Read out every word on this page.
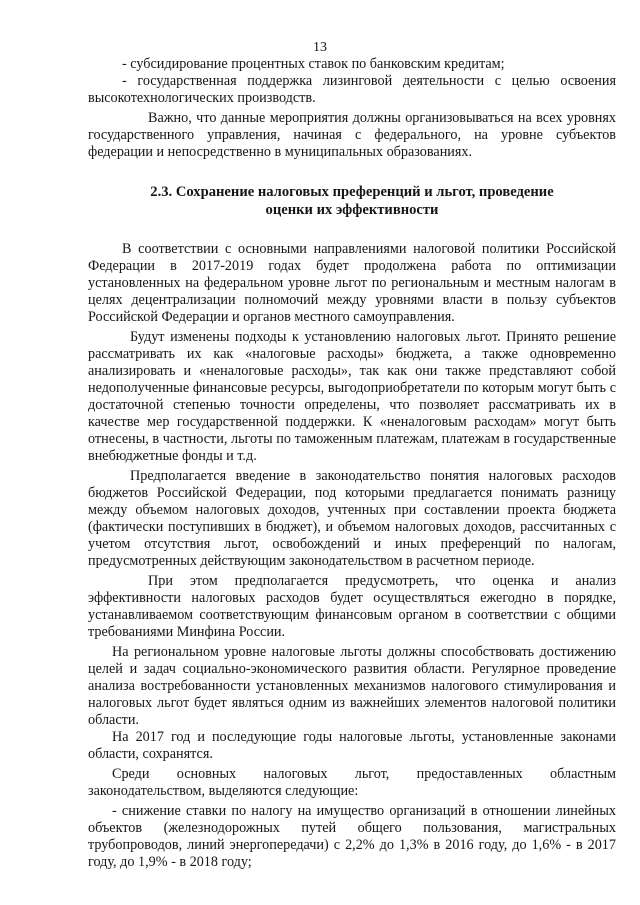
13

- субсидирование процентных ставок по банковским кредитам;

- государственная поддержка лизинговой деятельности с целью освоения высокотехнологических производств.

Важно, что данные мероприятия должны организовываться на всех уровнях государственного управления, начиная с федерального, на уровне субъектов федерации и непосредственно в муниципальных образованиях.

2.3. Сохранение налоговых преференций и льгот, проведение
оценки их эффективности

В соответствии с основными направлениями налоговой политики Российской Федерации в 2017-2019 годах будет продолжена работа по оптимизации установленных на федеральном уровне льгот по региональным и местным налогам в целях децентрализации полномочий между уровнями власти в пользу субъектов Российской Федерации и органов местного самоуправления.

Будут изменены подходы к установлению налоговых льгот. Принято решение рассматривать их как «налоговые расходы» бюджета, а также одновременно анализировать и «неналоговые расходы», так как они также представляют собой недополученные финансовые ресурсы, выгодоприобретатели по которым могут быть с достаточной степенью точности определены, что позволяет рассматривать их в качестве мер государственной поддержки. К «неналоговым расходам» могут быть отнесены, в частности, льготы по таможенным платежам, платежам в государственные внебюджетные фонды и т.д.

Предполагается введение в законодательство понятия налоговых расходов бюджетов Российской Федерации, под которыми предлагается понимать разницу между объемом налоговых доходов, учтенных при составлении проекта бюджета (фактически поступивших в бюджет), и объемом налоговых доходов, рассчитанных с учетом отсутствия льгот, освобождений и иных преференций по налогам, предусмотренных действующим законодательством в расчетном периоде.

При этом предполагается предусмотреть, что оценка и анализ эффективности налоговых расходов будет осуществляться ежегодно в порядке, устанавливаемом соответствующим финансовым органом в соответствии с общими требованиями Минфина России.

На региональном уровне налоговые льготы должны способствовать достижению целей и задач социально-экономического развития области. Регулярное проведение анализа востребованности установленных механизмов налогового стимулирования и налоговых льгот будет являться одним из важнейших элементов налоговой политики области.

На 2017 год и последующие годы налоговые льготы, установленные законами области, сохранятся.

Среди основных налоговых льгот, предоставленных областным законодательством, выделяются следующие:

- снижение ставки по налогу на имущество организаций в отношении линейных объектов (железнодорожных путей общего пользования, магистральных трубопроводов, линий энергопередачи) с 2,2% до 1,3% в 2016 году, до 1,6% - в 2017 году, до 1,9% - в 2018 году;
